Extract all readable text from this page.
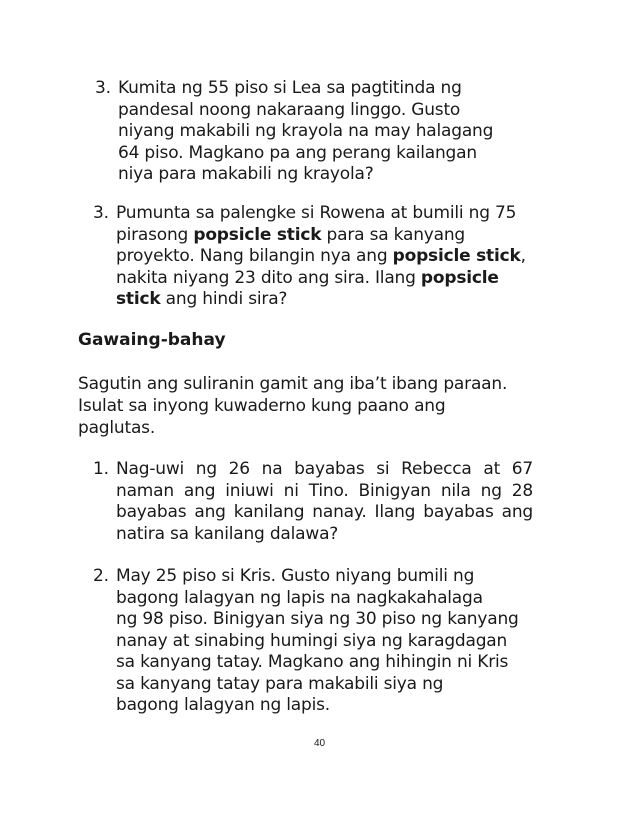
3. Kumita ng 55 piso si Lea sa pagtitinda ng
pandesal noong nakaraang linggo. Gusto
niyang makabili ng krayola na may halagang
64 piso. Magkano pa ang perang kailangan
niya para makabili ng krayola?
3. Pumunta sa palengke si Rowena at bumili ng 75
pirasong popsicle stick para sa kanyang
proyekto. Nang bilangin nya ang popsicle stick,
nakita niyang 23 dito ang sira. Ilang popsicle
stick ang hindi sira?
Gawaing-bahay
Sagutin ang suliranin gamit ang iba’t ibang paraan.
Isulat sa inyong kuwaderno kung paano ang
paglutas.
1. Nag-uwi ng 26 na bayabas si Rebecca at 67 naman ang iniuwi ni Tino. Binigyan nila ng 28 bayabas ang kanilang nanay. Ilang bayabas ang natira sa kanilang dalawa?
2. May 25 piso si Kris. Gusto niyang bumili ng
bagong lalagyan ng lapis na nagkakahalaga
ng 98 piso. Binigyan siya ng 30 piso ng kanyang
nanay at sinabing humingi siya ng karagdagan
sa kanyang tatay. Magkano ang hihingin ni Kris
sa kanyang tatay para makabili siya ng
bagong lalagyan ng lapis.
40
